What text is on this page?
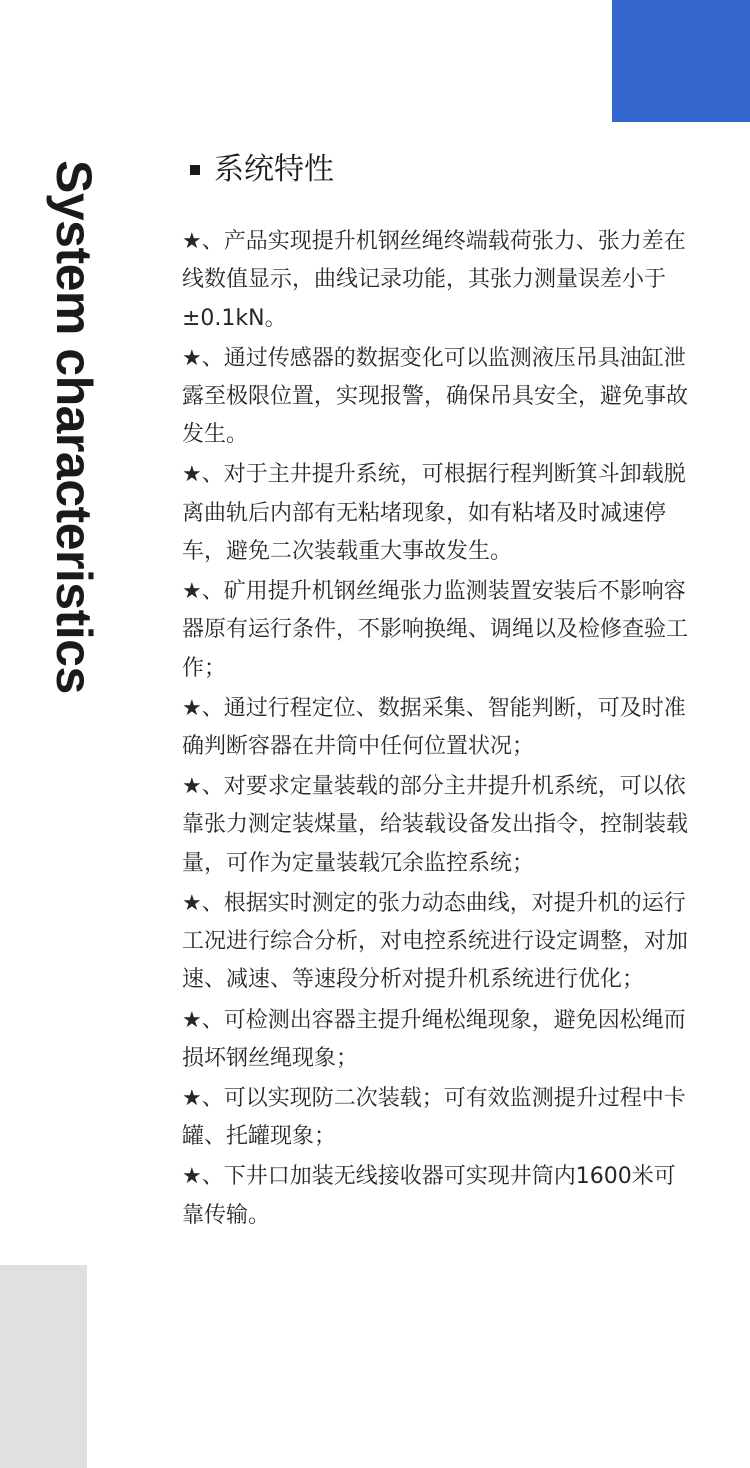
System characteristics	系统特性
★、产品实现提升机钢丝绳终端载荷张力、张力差在线数值显示，曲线记录功能，其张力测量误差小于±0.1kN。
★、通过传感器的数据变化可以监测液压吊具油缸泄露至极限位置，实现报警，确保吊具安全，避免事故发生。
★、对于主井提升系统，可根据行程判断箕斗卸载脱离曲轨后内部有无粘堵现象，如有粘堵及时减速停车，避免二次装载重大事故发生。
★、矿用提升机钢丝绳张力监测装置安装后不影响容器原有运行条件，不影响换绳、调绳以及检修查验工作；
★、通过行程定位、数据采集、智能判断，可及时准确判断容器在井筒中任何位置状况；
★、对要求定量装载的部分主井提升机系统，可以依靠张力测定装煤量，给装载设备发出指令，控制装载量，可作为定量装载冗余监控系统；
★、根据实时测定的张力动态曲线，对提升机的运行工况进行综合分析，对电控系统进行设定调整，对加速、减速、等速段分析对提升机系统进行优化；
★、可检测出容器主提升绳松绳现象，避免因松绳而损坏钢丝绳现象；
★、可以实现防二次装载；可有效监测提升过程中卡罐、托罐现象；
★、下井口加装无线接收器可实现井筒内1600米可靠传输。
